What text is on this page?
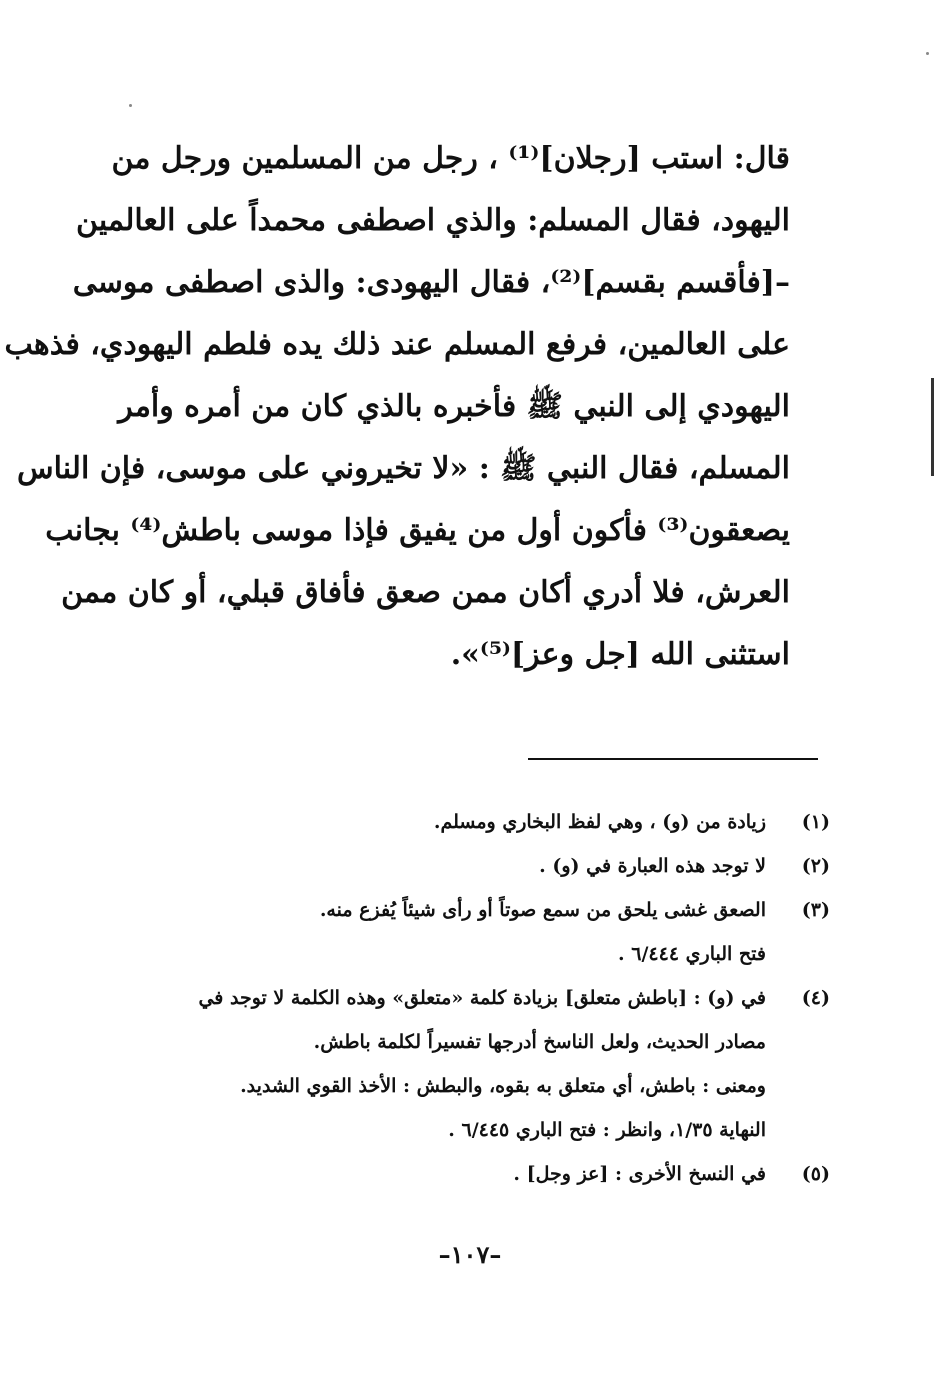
قال: استب [رجلان]⁽¹⁾ ، رجل من المسلمين ورجل من
اليهود، فقال المسلم: والذي اصطفى محمداً على العالمين
–[فأقسم بقسم]⁽²⁾، فقال اليهودى: والذى اصطفى موسى
على العالمين، فرفع المسلم عند ذلك يده فلطم اليهودي، فذهب
اليهودي إلى النبي ﷺ فأخبره بالذي كان من أمره وأمر
المسلم، فقال النبي ﷺ : «لا تخيروني على موسى، فإن الناس
يصعقون⁽³⁾ فأكون أول من يفيق فإذا موسى باطش⁽⁴⁾ بجانب
العرش، فلا أدري أكان ممن صعق فأفاق قبلي، أو كان ممن
استثنى الله [جل وعز]⁽⁵⁾».
(١)
زيادة من (و) ، وهي لفظ البخاري ومسلم.
(٢)
لا توجد هذه العبارة في (و) .
(٣)
الصعق غشى يلحق من سمع صوتاً أو رأى شيئاً يُفزع منه.
فتح الباري ٦/٤٤٤ .
(٤)
في (و) : [باطش متعلق] بزيادة كلمة «متعلق» وهذه الكلمة لا توجد في
مصادر الحديث، ولعل الناسخ أدرجها تفسيراً لكلمة باطش.
ومعنى : باطش، أي متعلق به بقوه، والبطش : الأخذ القوي الشديد.
النهاية ١/٣٥، وانظر : فتح الباري ٦/٤٤٥ .
(٥)
في النسخ الأخرى : [عز وجل] .
–١٠٧–
